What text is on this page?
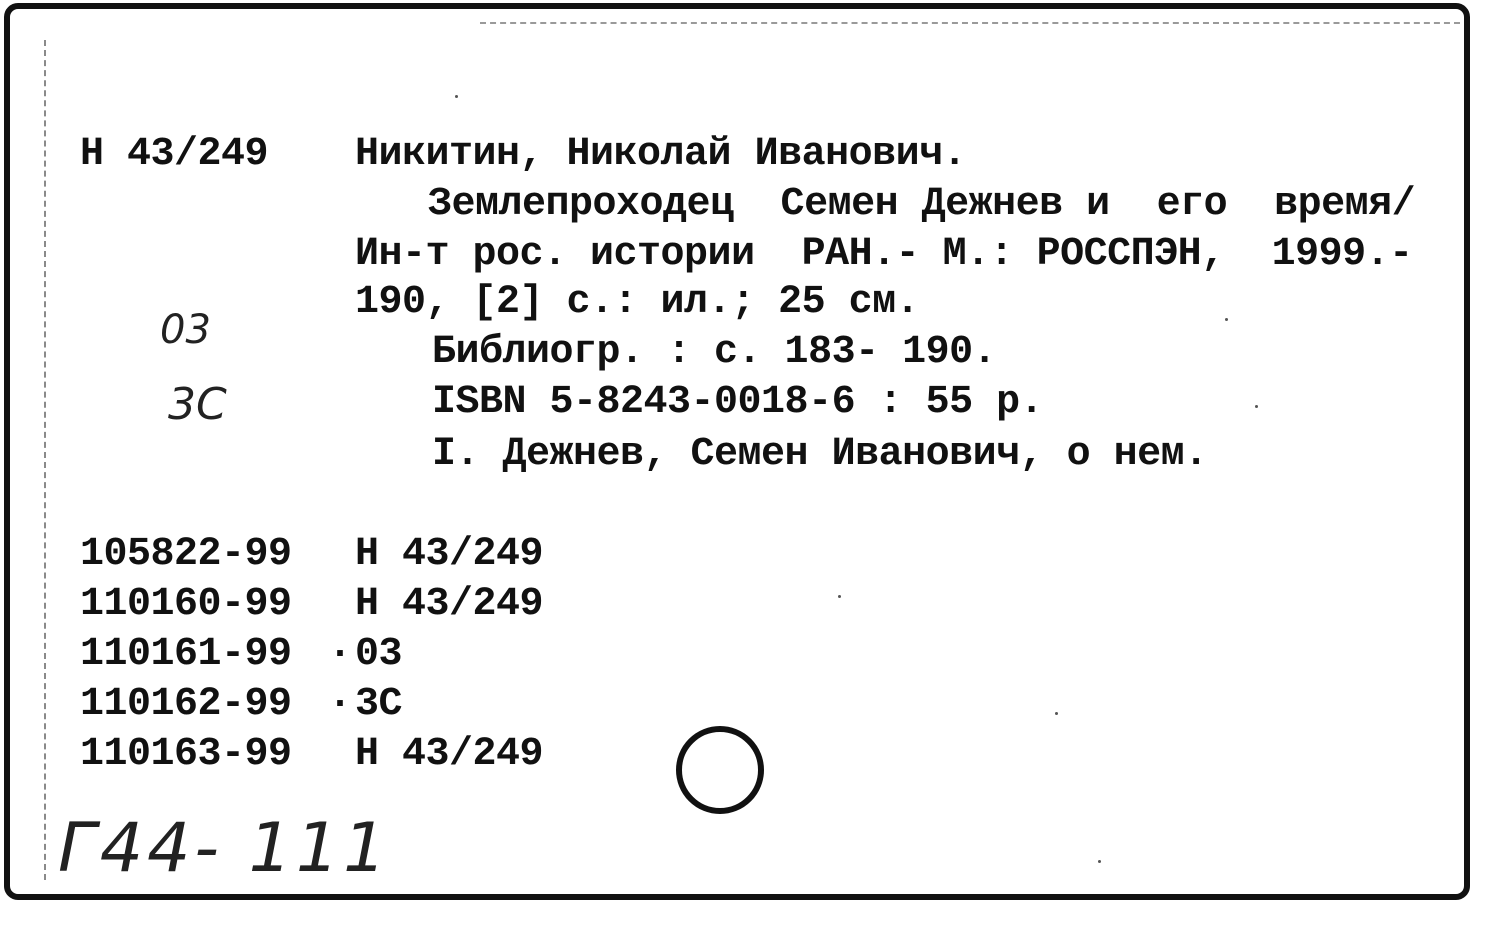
Н 43/249 Никитин, Николай Иванович.
Землепроходец  Семен Дежнев и  его  время/
Ин-т рос. истории  РАН.- М.: РОССПЭН,  1999.-
190, [2] с.: ил.; 25 см.
Библиогр. : с. 183- 190.
ISBN 5-8243-0018-6 : 55 р.
I. Дежнев, Семен Иванович, о нем.
03
3С
105822-99 Н 43/249
110160-99 Н 43/249
110161-99 · 03
110162-99 · 3С
110163-99 Н 43/249
Г44- 111
